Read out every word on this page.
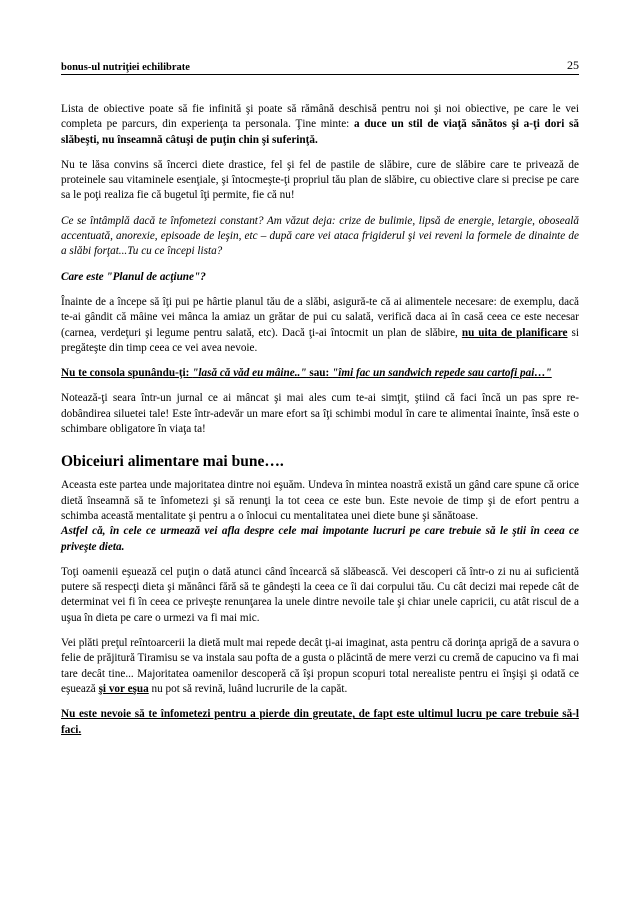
bonus-ul nutriţiei echilibrate	25

Lista de obiective poate să fie infinită şi poate să rămână deschisă pentru noi şi noi obiective, pe care le vei completa pe parcurs, din experienţa ta personala. Ţine minte: a duce un stil de viaţă sănătos şi a-ţi dori să slăbeşti, nu înseamnă câtuşi de puţin chin şi suferinţă.

Nu te lăsa convins să încerci diete drastice, fel şi fel de pastile de slăbire, cure de slăbire care te privează de proteinele sau vitaminele esenţiale, şi întocmeşte-ţi propriul tău plan de slăbire, cu obiective clare si precise pe care sa le poţi realiza fie că bugetul îţi permite, fie că nu!

Ce se întâmplă dacă te înfometezi constant? Am văzut deja: crize de bulimie, lipsă de energie, letargie, oboseală accentuată, anorexie, episoade de leşin, etc – după care vei ataca frigiderul şi vei reveni la formele de dinainte de a slăbi forţat...Tu cu ce începi lista?

Care este "Planul de acţiune"?

Înainte de a începe să îţi pui pe hârtie planul tău de a slăbi, asigură-te că ai alimentele necesare: de exemplu, dacă te-ai gândit că mâine vei mânca la amiaz un grătar de pui cu salată, verifică daca ai în casă ceea ce este necesar (carnea, verdeţuri şi legume pentru salată, etc). Dacă ţi-ai întocmit un plan de slăbire, nu uita de planificare si pregăteşte din timp ceea ce vei avea nevoie.

Nu te consola spunându-ţi: "lasă că văd eu mâine.." sau: "îmi fac un sandwich repede sau cartofi pai…"

Notează-ţi seara într-un jurnal ce ai mâncat şi mai ales cum te-ai simţit, ştiind că faci încă un pas spre re-dobândirea siluetei tale! Este într-adevăr un mare efort sa îţi schimbi modul în care te alimentai înainte, însă este o schimbare obligatore în viaţa ta!

Obiceiuri alimentare mai bune….

Aceasta este partea unde majoritatea dintre noi eşuăm. Undeva în mintea noastră există un gând care spune că orice dietă înseamnă să te înfometezi şi să renunţi la tot ceea ce este bun. Este nevoie de timp şi de efort pentru a schimba această mentalitate şi pentru a o înlocui cu mentalitatea unei diete bune şi sănătoase.
Astfel că, în cele ce urmează vei afla despre cele mai impotante lucruri pe care trebuie să le ştii în ceea ce priveşte dieta.

Toţi oamenii eşuează cel puţin o dată atunci când încearcă să slăbească. Vei descoperi că într-o zi nu ai suficientă putere să respecţi dieta şi mănânci fără să te gândeşti la ceea ce îi dai corpului tău. Cu cât decizi mai repede cât de determinat vei fi în ceea ce priveşte renunţarea la unele dintre nevoile tale şi chiar unele capricii, cu atât riscul de a uşua în dieta pe care o urmezi va fi mai mic.

Vei plăti preţul reîntoarcerii la dietă mult mai repede decât ţi-ai imaginat, asta pentru că dorinţa aprigă de a savura o felie de prăjitură Tiramisu se va instala sau pofta de a gusta o plăcintă de mere verzi cu cremă de capucino va fi mai tare decât tine... Majoritatea oamenilor descoperă că îşi propun scopuri total nerealiste pentru ei înşişi şi odată ce eşuează şi vor eşua nu pot să revină, luând lucrurile de la capăt.

Nu este nevoie să te înfometezi pentru a pierde din greutate, de fapt este ultimul lucru pe care trebuie să-l faci.
